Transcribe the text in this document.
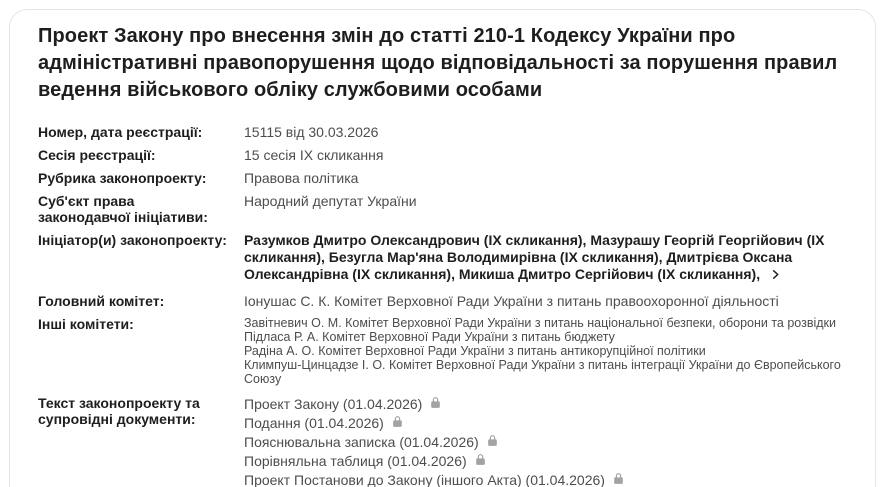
Проект Закону про внесення змін до статті 210-1 Кодексу України про адміністративні правопорушення щодо відповідальності за порушення правил ведення військового обліку службовими особами
Номер, дата реєстрації:	15115 від 30.03.2026
Сесія реєстрації:	15 сесія IX скликання
Рубрика законопроекту:	Правова політика
Суб'єкт права законодавчої ініціативи:
Народний депутат України
Ініціатор(и) законопроекту:	Разумков Дмитро Олександрович (ІХ скликання), Мазурашу Георгій Георгійович (ІХ скликання), Безугла Мар'яна Володимирівна (ІХ скликання), Дмитрієва Оксана Олександрівна (ІХ скликання), Микиша Дмитро Сергійович (ІХ скликання),
Головний комітет:	Іонушас С. К. Комітет Верховної Ради України з питань правоохоронної діяльності
Інші комітети:	Завітневич О. М. Комітет Верховної Ради України з питань національної безпеки, оборони та розвідки
Підласа Р. А. Комітет Верховної Ради України з питань бюджету
Радіна А. О. Комітет Верховної Ради України з питань антикорупційної політики
Климпуш-Цинцадзе І. О. Комітет Верховної Ради України з питань інтеграції України до Європейського Союзу
Текст законопроекту та супровідні документи:
Проект Закону (01.04.2026)
Подання (01.04.2026)
Пояснювальна записка (01.04.2026)
Порівняльна таблиця (01.04.2026)
Проект Постанови до Закону (іншого Акта) (01.04.2026)
